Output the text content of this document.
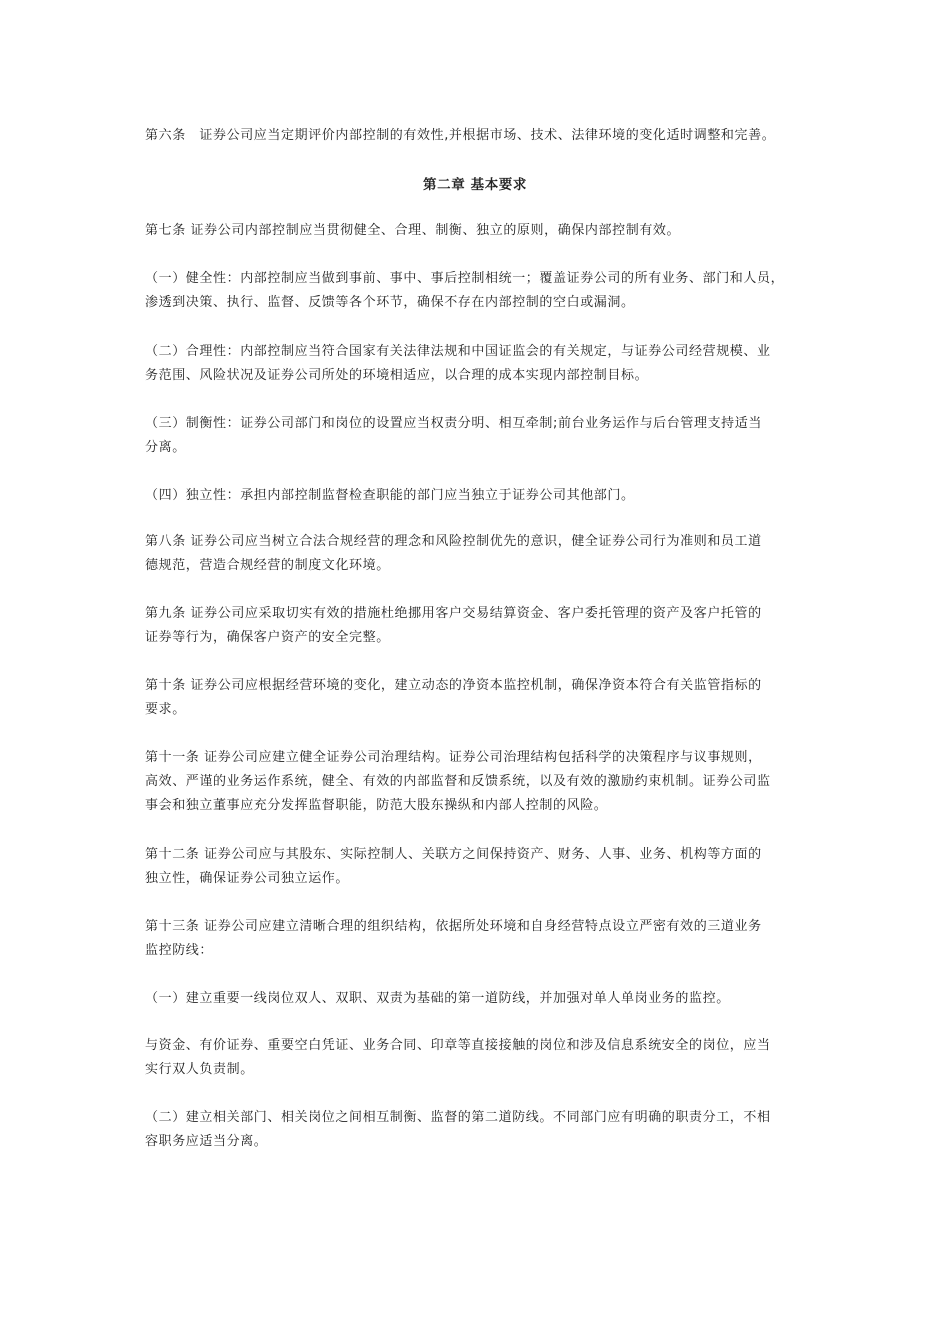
第六条　证券公司应当定期评价内部控制的有效性,并根据市场、技术、法律环境的变化适时调整和完善。

第二章 基本要求

第七条 证券公司内部控制应当贯彻健全、合理、制衡、独立的原则，确保内部控制有效。

（一）健全性：内部控制应当做到事前、事中、事后控制相统一；覆盖证券公司的所有业务、部门和人员，
渗透到决策、执行、监督、反馈等各个环节，确保不存在内部控制的空白或漏洞。

（二）合理性：内部控制应当符合国家有关法律法规和中国证监会的有关规定，与证券公司经营规模、业
务范围、风险状况及证券公司所处的环境相适应，以合理的成本实现内部控制目标。

（三）制衡性：证券公司部门和岗位的设置应当权责分明、相互牵制;前台业务运作与后台管理支持适当
分离。

（四）独立性：承担内部控制监督检查职能的部门应当独立于证券公司其他部门。

第八条 证券公司应当树立合法合规经营的理念和风险控制优先的意识，健全证券公司行为准则和员工道
德规范，营造合规经营的制度文化环境。

第九条 证券公司应采取切实有效的措施杜绝挪用客户交易结算资金、客户委托管理的资产及客户托管的
证券等行为，确保客户资产的安全完整。

第十条 证券公司应根据经营环境的变化，建立动态的净资本监控机制，确保净资本符合有关监管指标的
要求。

第十一条 证券公司应建立健全证券公司治理结构。证券公司治理结构包括科学的决策程序与议事规则，
高效、严谨的业务运作系统，健全、有效的内部监督和反馈系统，以及有效的激励约束机制。证券公司监
事会和独立董事应充分发挥监督职能，防范大股东操纵和内部人控制的风险。

第十二条 证券公司应与其股东、实际控制人、关联方之间保持资产、财务、人事、业务、机构等方面的
独立性，确保证券公司独立运作。

第十三条 证券公司应建立清晰合理的组织结构，依据所处环境和自身经营特点设立严密有效的三道业务
监控防线：

（一）建立重要一线岗位双人、双职、双责为基础的第一道防线，并加强对单人单岗业务的监控。

与资金、有价证券、重要空白凭证、业务合同、印章等直接接触的岗位和涉及信息系统安全的岗位，应当
实行双人负责制。

（二）建立相关部门、相关岗位之间相互制衡、监督的第二道防线。不同部门应有明确的职责分工，不相
容职务应适当分离。
